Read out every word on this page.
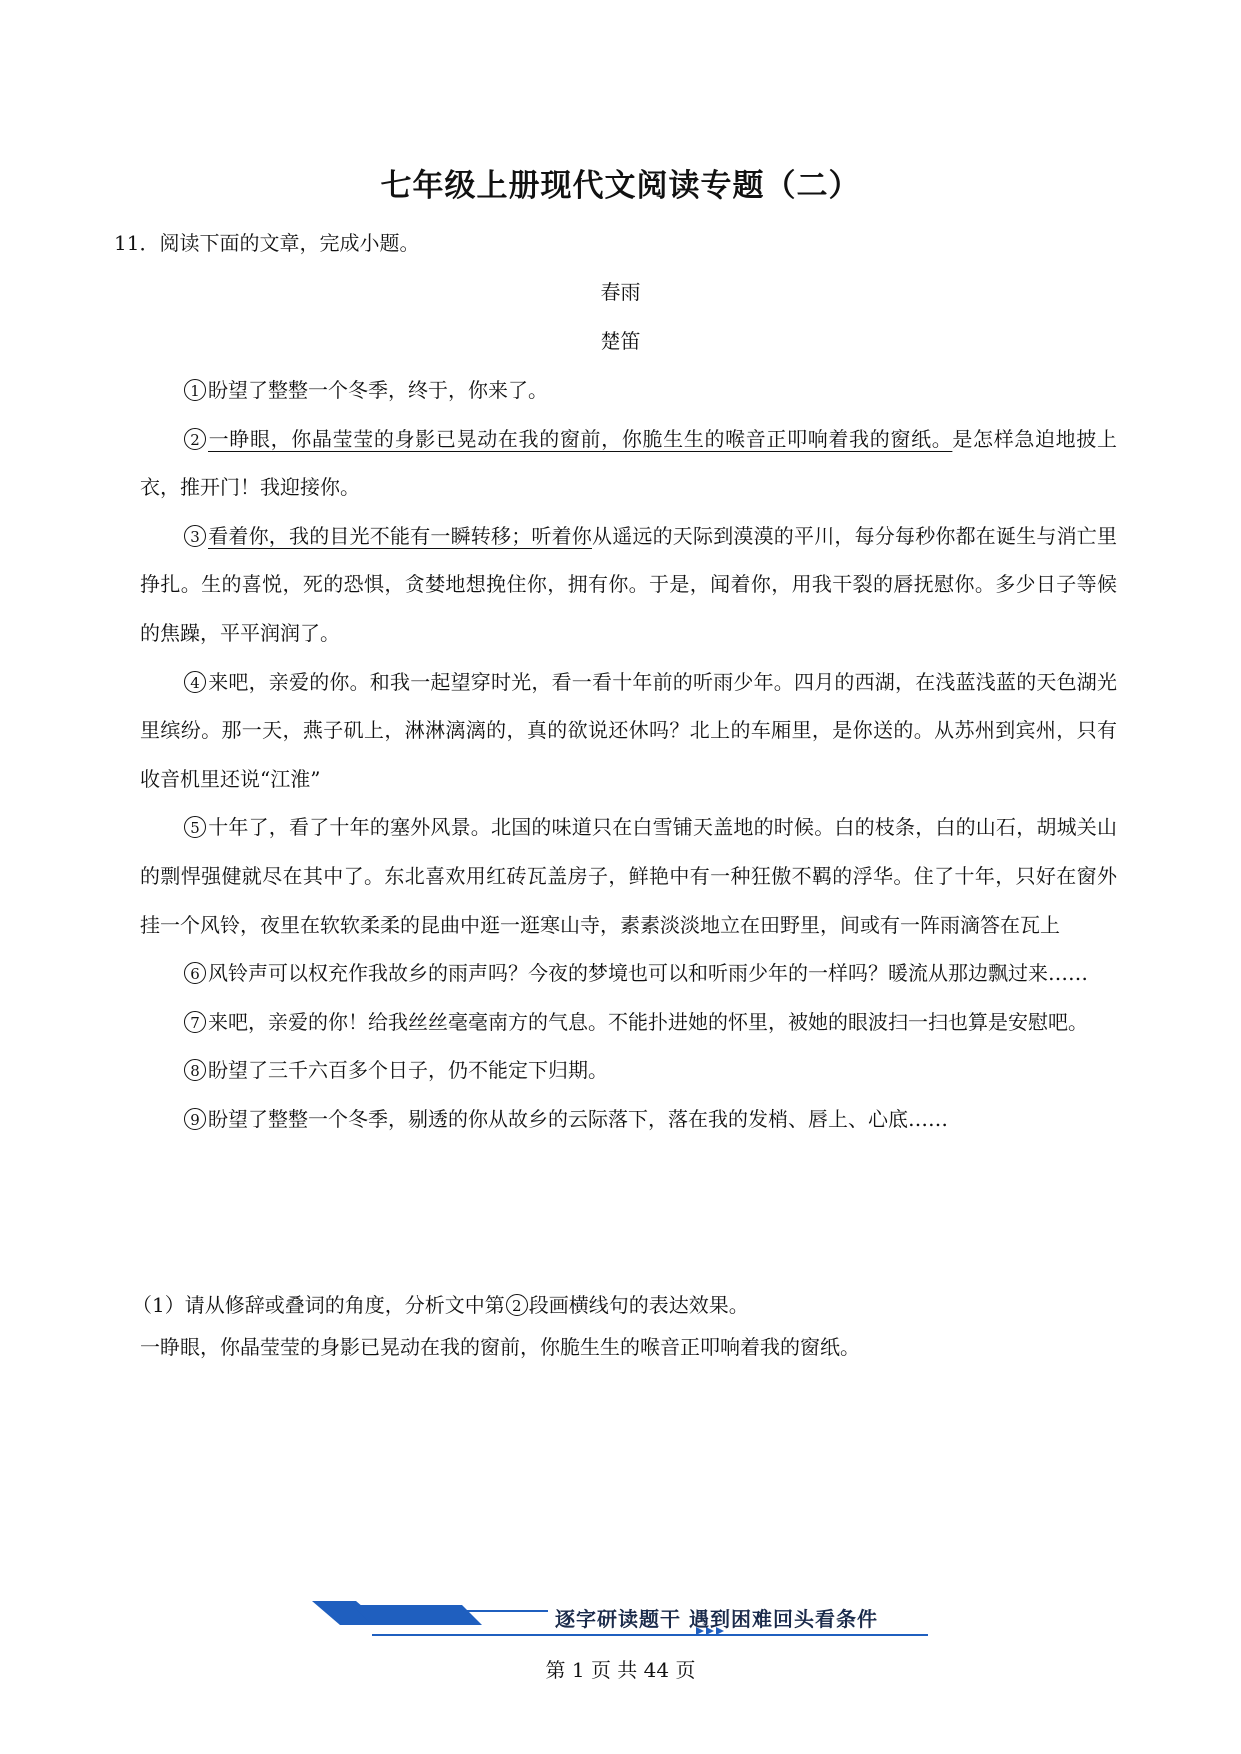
七年级上册现代文阅读专题（二）
11．阅读下面的文章，完成小题。
春雨
楚笛

1 盼望了整整一个冬季，终于，你来了。

2 一睁眼，你晶莹莹的身影已晃动在我的窗前，你脆生生的喉音正叩响着我的窗纸。是怎样急迫地披上衣，推开门！我迎接你。

3 看着你，我的目光不能有一瞬转移；听着你从遥远的天际到漠漠的平川，每分每秒你都在诞生与消亡里挣扎。生的喜悦，死的恐惧，贪婪地想挽住你，拥有你。于是，闻着你，用我干裂的唇抚慰你。多少日子等候的焦躁，平平润润了。

4 来吧，亲爱的你。和我一起望穿时光，看一看十年前的听雨少年。四月的西湖，在浅蓝浅蓝的天色湖光里缤纷。那一天，燕子矶上，淋淋漓漓的，真的欲说还休吗？北上的车厢里，是你送的。从苏州到宾州，只有收音机里还说“江淮”

5 十年了，看了十年的塞外风景。北国的味道只在白雪铺天盖地的时候。白的枝条，白的山石，胡城关山的剽悍强健就尽在其中了。东北喜欢用红砖瓦盖房子，鲜艳中有一种狂傲不羁的浮华。住了十年，只好在窗外挂一个风铃，夜里在软软柔柔的昆曲中逛一逛寒山寺，素素淡淡地立在田野里，间或有一阵雨滴答在瓦上

6 风铃声可以权充作我故乡的雨声吗？今夜的梦境也可以和听雨少年的一样吗？暖流从那边飘过来……

7 来吧，亲爱的你！给我丝丝毫毫南方的气息。不能扑进她的怀里，被她的眼波扫一扫也算是安慰吧。

8 盼望了三千六百多个日子，仍不能定下归期。

9 盼望了整整一个冬季，剔透的你从故乡的云际落下，落在我的发梢、唇上、心底……

（1）请从修辞或叠词的角度，分析文中第 2 段画横线句的表达效果。

一睁眼，你晶莹莹的身影已晃动在我的窗前，你脆生生的喉音正叩响着我的窗纸。

逐字研读题干 遇到困难回头看条件
第 1 页 共 44 页
